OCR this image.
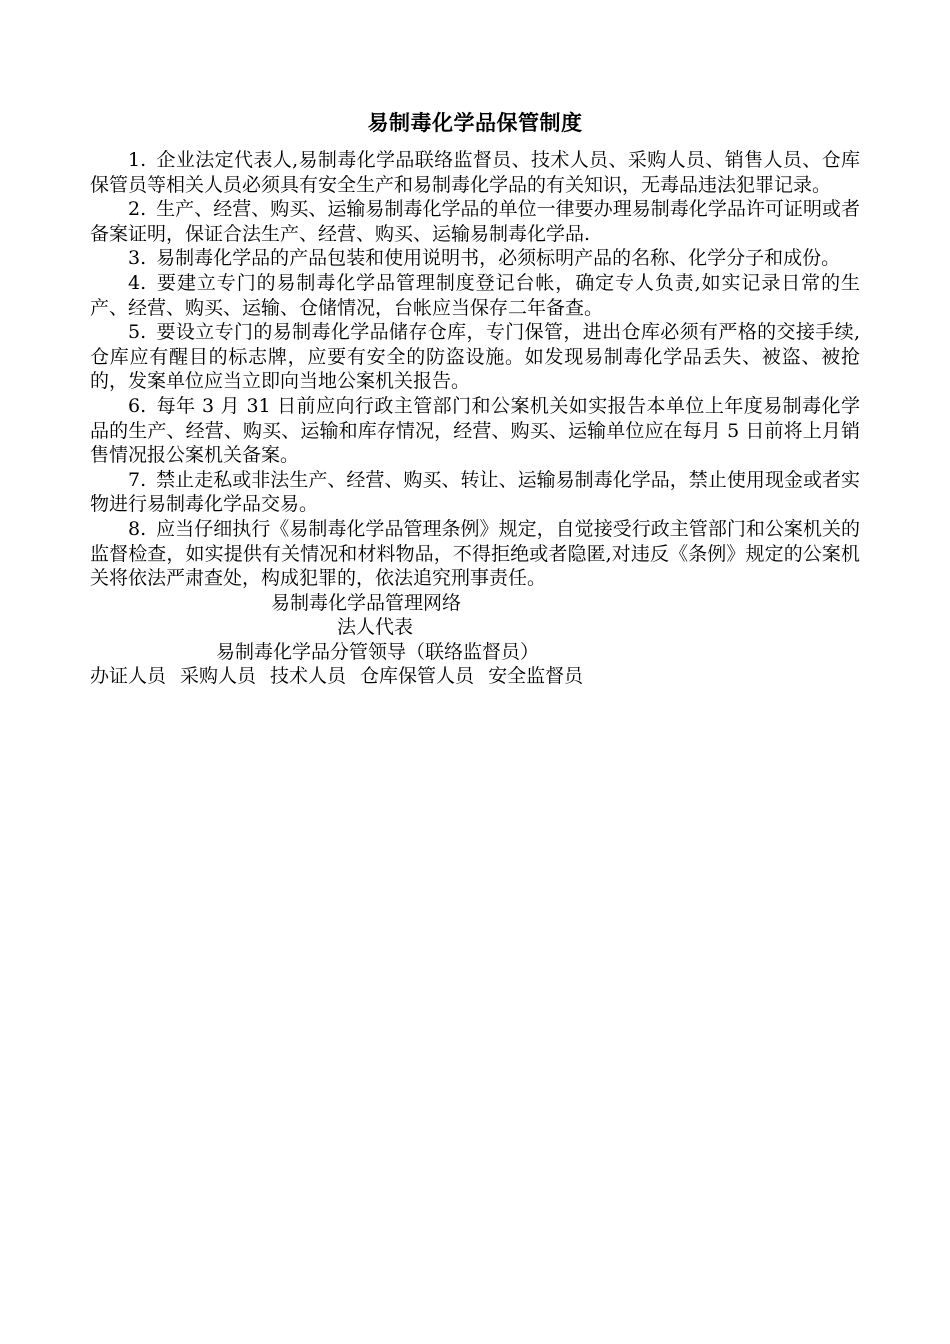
易制毒化学品保管制度

1. 企业法定代表人,易制毒化学品联络监督员、技术人员、采购人员、销售人员、仓库保管员等相关人员必须具有安全生产和易制毒化学品的有关知识，无毒品违法犯罪记录。

2. 生产、经营、购买、运输易制毒化学品的单位一律要办理易制毒化学品许可证明或者备案证明，保证合法生产、经营、购买、运输易制毒化学品.

3. 易制毒化学品的产品包装和使用说明书，必须标明产品的名称、化学分子和成份。

4. 要建立专门的易制毒化学品管理制度登记台帐，确定专人负责,如实记录日常的生产、经营、购买、运输、仓储情况，台帐应当保存二年备查。

5. 要设立专门的易制毒化学品储存仓库，专门保管，进出仓库必须有严格的交接手续,仓库应有醒目的标志牌，应要有安全的防盗设施。如发现易制毒化学品丢失、被盗、被抢的，发案单位应当立即向当地公案机关报告。

6. 每年 3 月 31 日前应向行政主管部门和公案机关如实报告本单位上年度易制毒化学品的生产、经营、购买、运输和库存情况，经营、购买、运输单位应在每月 5 日前将上月销售情况报公案机关备案。

7. 禁止走私或非法生产、经营、购买、转让、运输易制毒化学品，禁止使用现金或者实物进行易制毒化学品交易。

8. 应当仔细执行《易制毒化学品管理条例》规定，自觉接受行政主管部门和公案机关的监督检查，如实提供有关情况和材料物品，不得拒绝或者隐匿,对违反《条例》规定的公案机关将依法严肃查处，构成犯罪的，依法追究刑事责任。

易制毒化学品管理网络

法人代表

易制毒化学品分管领导（联络监督员）

办证人员 采购人员 技术人员 仓库保管人员 安全监督员
